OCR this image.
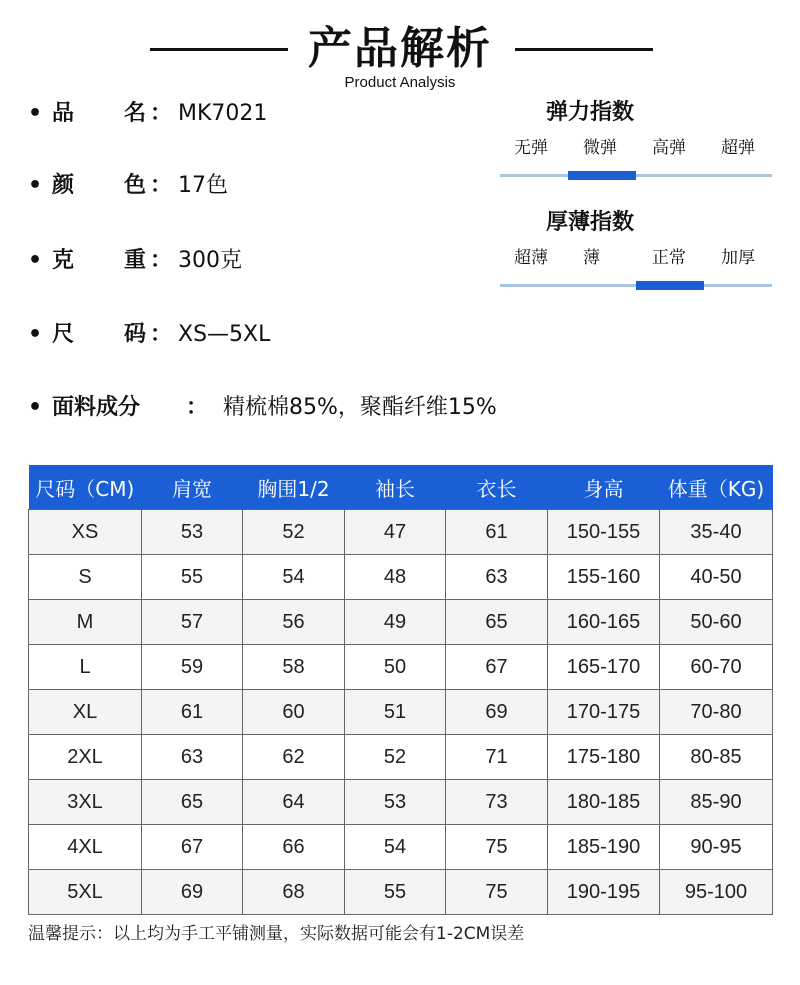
产品解析
Product Analysis
• 品 名 ： MK7021
• 颜 色 ： 17色
• 克 重 ： 300克
• 尺 码 ： XS—5XL
• 面料成分 ： 精梳棉85%，聚酯纤维15%
弹力指数
无弹 微弹 高弹 超弹
厚薄指数
超薄 薄	正常 加厚
尺码（CM)	肩宽	胸围1/2	袖长	衣长	身高	体重（KG)
XS	53	52	47	61	150-155	35-40
S	55	54	48	63	155-160	40-50
M	57	56	49	65	160-165	50-60
L	59	58	50	67	165-170	60-70
XL	61	60	51	69	170-175	70-80
2XL	63	62	52	71	175-180	80-85
3XL	65	64	53	73	180-185	85-90
4XL	67	66	54	75	185-190	90-95
5XL	69	68	55	75	190-195	95-100
温馨提示：以上均为手工平铺测量，实际数据可能会有1-2CM误差
